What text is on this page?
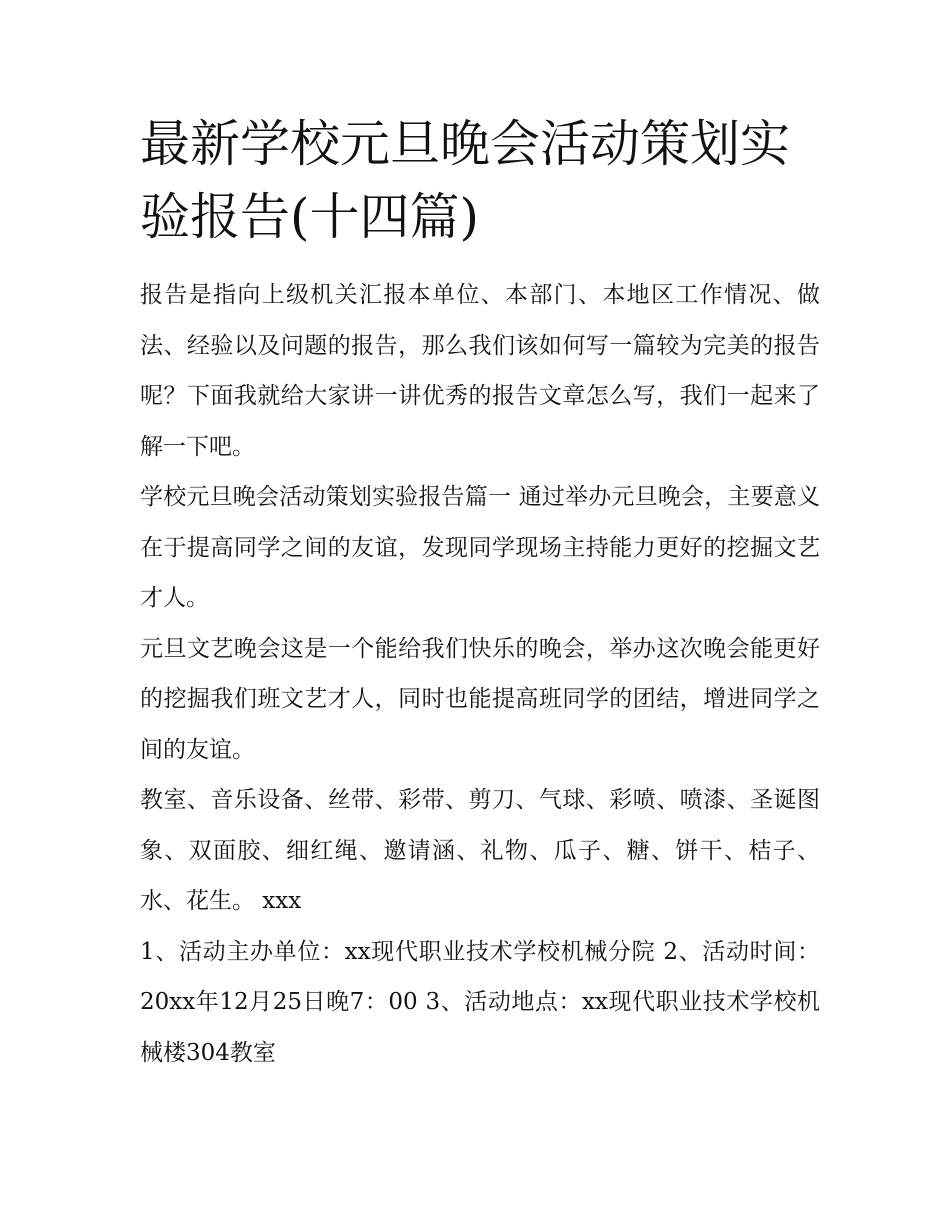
最新学校元旦晚会活动策划实验报告(十四篇)

报告是指向上级机关汇报本单位、本部门、本地区工作情况、做法、经验以及问题的报告，那么我们该如何写一篇较为完美的报告呢？下面我就给大家讲一讲优秀的报告文章怎么写，我们一起来了解一下吧。

学校元旦晚会活动策划实验报告篇一 通过举办元旦晚会，主要意义在于提高同学之间的友谊，发现同学现场主持能力更好的挖掘文艺才人。

元旦文艺晚会这是一个能给我们快乐的晚会，举办这次晚会能更好的挖掘我们班文艺才人，同时也能提高班同学的团结，增进同学之间的友谊。

教室、音乐设备、丝带、彩带、剪刀、气球、彩喷、喷漆、圣诞图象、双面胶、细红绳、邀请涵、礼物、瓜子、糖、饼干、桔子、水、花生。 xxx

1、活动主办单位：xx现代职业技术学校机械分院 2、活动时间：20xx年12月25日晚7：00 3、活动地点：xx现代职业技术学校机械楼304教室
